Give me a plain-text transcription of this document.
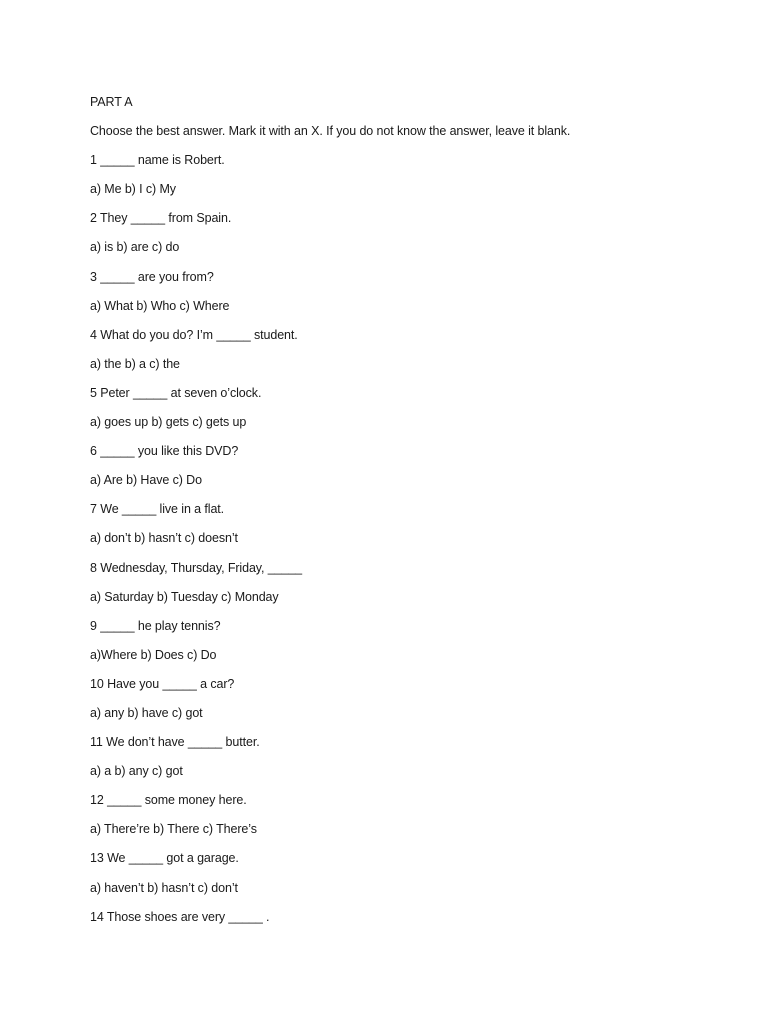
PART A
Choose the best answer. Mark it with an X. If you do not know the answer, leave it blank.
1 _____ name is Robert.
a) Me b) I c) My
2 They _____ from Spain.
a) is b) are c) do
3 _____ are you from?
a) What b) Who c) Where
4 What do you do? I’m _____ student.
a) the b) a c) the
5 Peter _____ at seven o’clock.
a) goes up b) gets c) gets up
6 _____ you like this DVD?
a) Are b) Have c) Do
7 We _____ live in a flat.
a) don’t b) hasn’t c) doesn’t
8 Wednesday, Thursday, Friday, _____
a) Saturday b) Tuesday c) Monday
9 _____ he play tennis?
a)Where b) Does c) Do
10 Have you _____ a car?
a) any b) have c) got
11 We don’t have _____ butter.
a) a b) any c) got
12 _____ some money here.
a) There’re b) There c) There’s
13 We _____ got a garage.
a) haven’t b) hasn’t c) don’t
14 Those shoes are very _____ .
